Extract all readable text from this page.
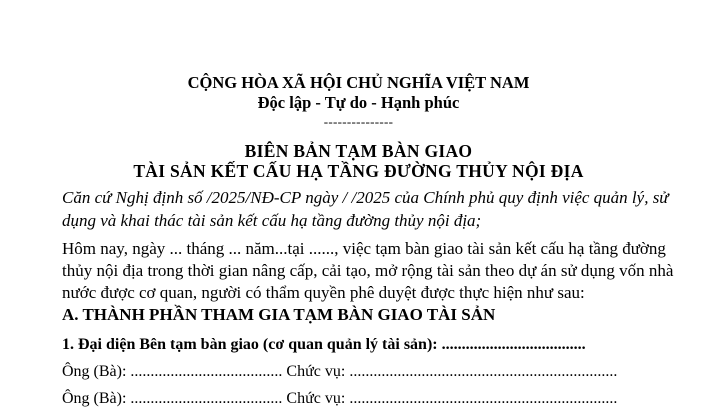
CỘNG HÒA XÃ HỘI CHỦ NGHĨA VIỆT NAM
Độc lập - Tự do - Hạnh phúc
---------------
BIÊN BẢN TẠM BÀN GIAO
TÀI SẢN KẾT CẤU HẠ TẦNG ĐƯỜNG THỦY NỘI ĐỊA
Căn cứ Nghị định số /2025/NĐ-CP ngày / /2025 của Chính phủ quy định việc quản lý, sử
dụng và khai thác tài sản kết cấu hạ tầng đường thủy nội địa;
Hôm nay, ngày ... tháng ... năm...tại ......, việc tạm bàn giao tài sản kết cấu hạ tầng đường
thủy nội địa trong thời gian nâng cấp, cải tạo, mở rộng tài sản theo dự án sử dụng vốn nhà
nước được cơ quan, người có thẩm quyền phê duyệt được thực hiện như sau:
A. THÀNH PHẦN THAM GIA TẠM BÀN GIAO TÀI SẢN
1. Đại diện Bên tạm bàn giao (cơ quan quản lý tài sản): ....................................
Ông (Bà): ...................................... Chức vụ: ...................................................................
Ông (Bà): ...................................... Chức vụ: ...................................................................
